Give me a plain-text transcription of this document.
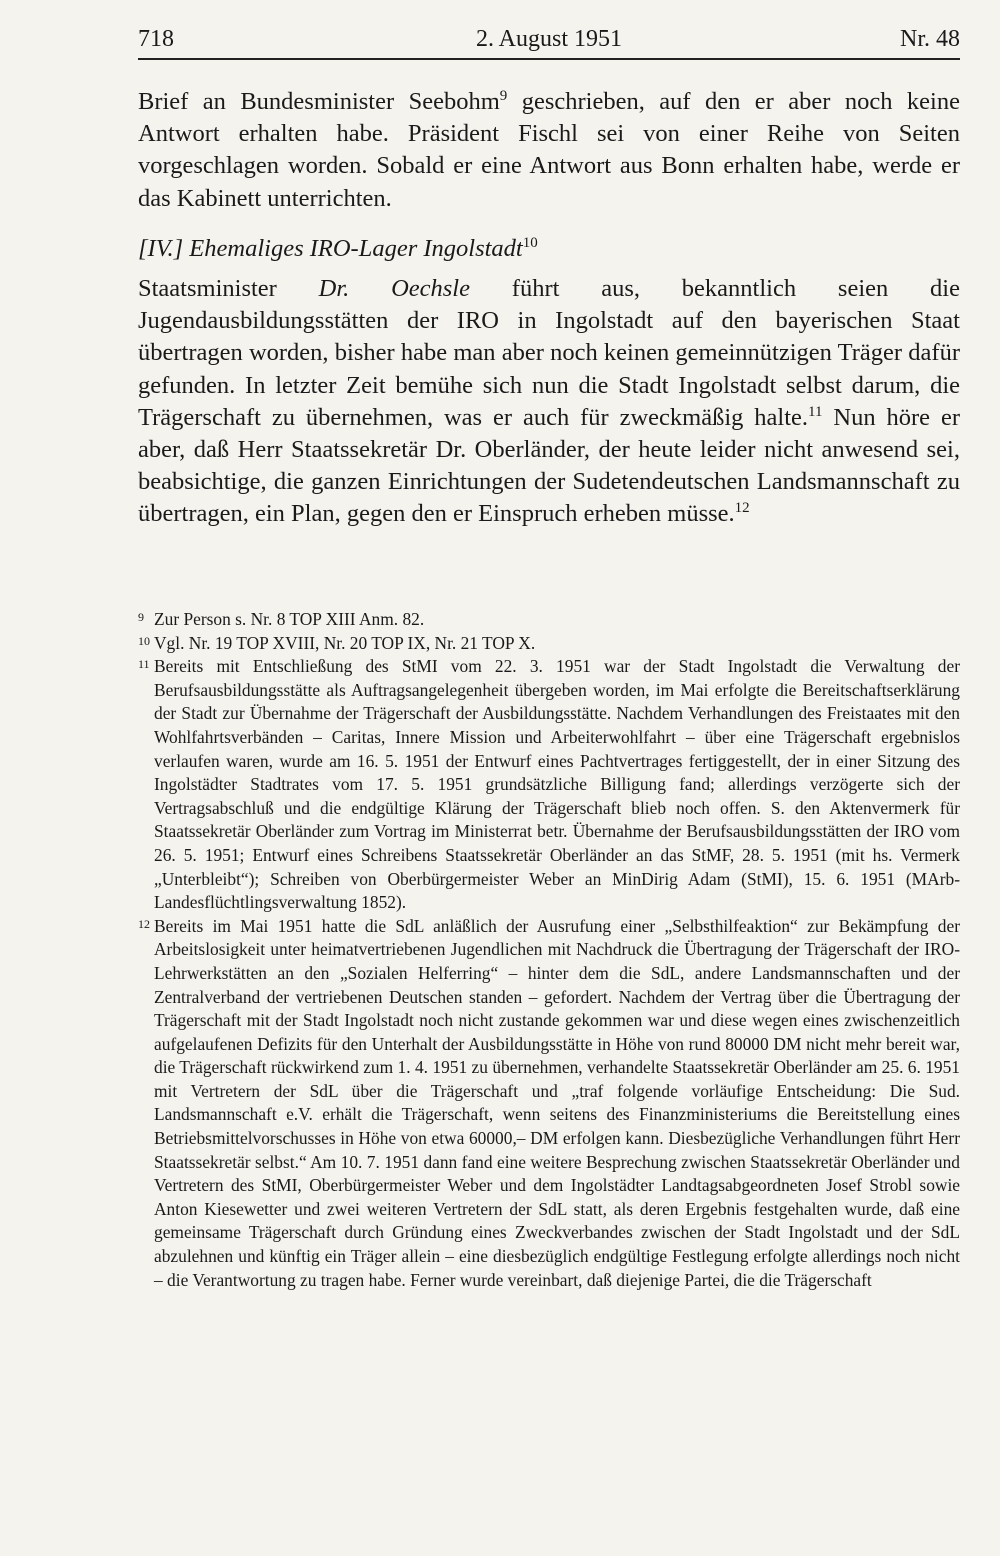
718	2. August 1951	Nr. 48

Brief an Bundesminister Seebohm$^9$ geschrieben, auf den er aber noch keine Antwort erhalten habe. Präsident Fischl sei von einer Reihe von Seiten vorgeschlagen worden. Sobald er eine Antwort aus Bonn erhalten habe, werde er das Kabinett unterrichten.

[IV.] Ehemaliges IRO-Lager Ingolstadt$^{10}$

Staatsminister Dr. Oechsle führt aus, bekanntlich seien die Jugendausbildungsstätten der IRO in Ingolstadt auf den bayerischen Staat übertragen worden, bisher habe man aber noch keinen gemeinnützigen Träger dafür gefunden. In letzter Zeit bemühe sich nun die Stadt Ingolstadt selbst darum, die Trägerschaft zu übernehmen, was er auch für zweckmäßig halte.$^{11}$ Nun höre er aber, daß Herr Staatssekretär Dr. Oberländer, der heute leider nicht anwesend sei, beabsichtige, die ganzen Einrichtungen der Sudetendeutschen Landsmannschaft zu übertragen, ein Plan, gegen den er Einspruch erheben müsse.$^{12}$

9 Zur Person s. Nr. 8 TOP XIII Anm. 82.
10 Vgl. Nr. 19 TOP XVIII, Nr. 20 TOP IX, Nr. 21 TOP X.
11 Bereits mit Entschließung des StMI vom 22. 3. 1951 war der Stadt Ingolstadt die Verwaltung der Berufsausbildungsstätte als Auftragsangelegenheit übergeben worden, im Mai erfolgte die Bereitschaftserklärung der Stadt zur Übernahme der Trägerschaft der Ausbildungsstätte. Nachdem Verhandlungen des Freistaates mit den Wohlfahrtsverbänden – Caritas, Innere Mission und Arbeiterwohlfahrt – über eine Trägerschaft ergebnislos verlaufen waren, wurde am 16. 5. 1951 der Entwurf eines Pachtvertrages fertiggestellt, der in einer Sitzung des Ingolstädter Stadtrates vom 17. 5. 1951 grundsätzliche Billigung fand; allerdings verzögerte sich der Vertragsabschluß und die endgültige Klärung der Trägerschaft blieb noch offen. S. den Aktenvermerk für Staatssekretär Oberländer zum Vortrag im Ministerrat betr. Übernahme der Berufsausbildungsstätten der IRO vom 26. 5. 1951; Entwurf eines Schreibens Staatssekretär Oberländer an das StMF, 28. 5. 1951 (mit hs. Vermerk „Unterbleibt“); Schreiben von Oberbürgermeister Weber an MinDirig Adam (StMI), 15. 6. 1951 (MArb-Landesflüchtlingsverwaltung 1852).
12 Bereits im Mai 1951 hatte die SdL anläßlich der Ausrufung einer „Selbsthilfeaktion“ zur Bekämpfung der Arbeitslosigkeit unter heimatvertriebenen Jugendlichen mit Nachdruck die Übertragung der Trägerschaft der IRO-Lehrwerkstätten an den „Sozialen Helferring“ – hinter dem die SdL, andere Landsmannschaften und der Zentralverband der vertriebenen Deutschen standen – gefordert. Nachdem der Vertrag über die Übertragung der Trägerschaft mit der Stadt Ingolstadt noch nicht zustande gekommen war und diese wegen eines zwischenzeitlich aufgelaufenen Defizits für den Unterhalt der Ausbildungsstätte in Höhe von rund 80000 DM nicht mehr bereit war, die Trägerschaft rückwirkend zum 1. 4. 1951 zu übernehmen, verhandelte Staatssekretär Oberländer am 25. 6. 1951 mit Vertretern der SdL über die Trägerschaft und „traf folgende vorläufige Entscheidung: Die Sud. Landsmannschaft e.V. erhält die Trägerschaft, wenn seitens des Finanzministeriums die Bereitstellung eines Betriebsmittelvorschusses in Höhe von etwa 60000,– DM erfolgen kann. Diesbezügliche Verhandlungen führt Herr Staatssekretär selbst.“ Am 10. 7. 1951 dann fand eine weitere Besprechung zwischen Staatssekretär Oberländer und Vertretern des StMI, Oberbürgermeister Weber und dem Ingolstädter Landtagsabgeordneten Josef Strobl sowie Anton Kiesewetter und zwei weiteren Vertretern der SdL statt, als deren Ergebnis festgehalten wurde, daß eine gemeinsame Trägerschaft durch Gründung eines Zweckverbandes zwischen der Stadt Ingolstadt und der SdL abzulehnen und künftig ein Träger allein – eine diesbezüglich endgültige Festlegung erfolgte allerdings noch nicht – die Verantwortung zu tragen habe. Ferner wurde vereinbart, daß diejenige Partei, die die Trägerschaft
